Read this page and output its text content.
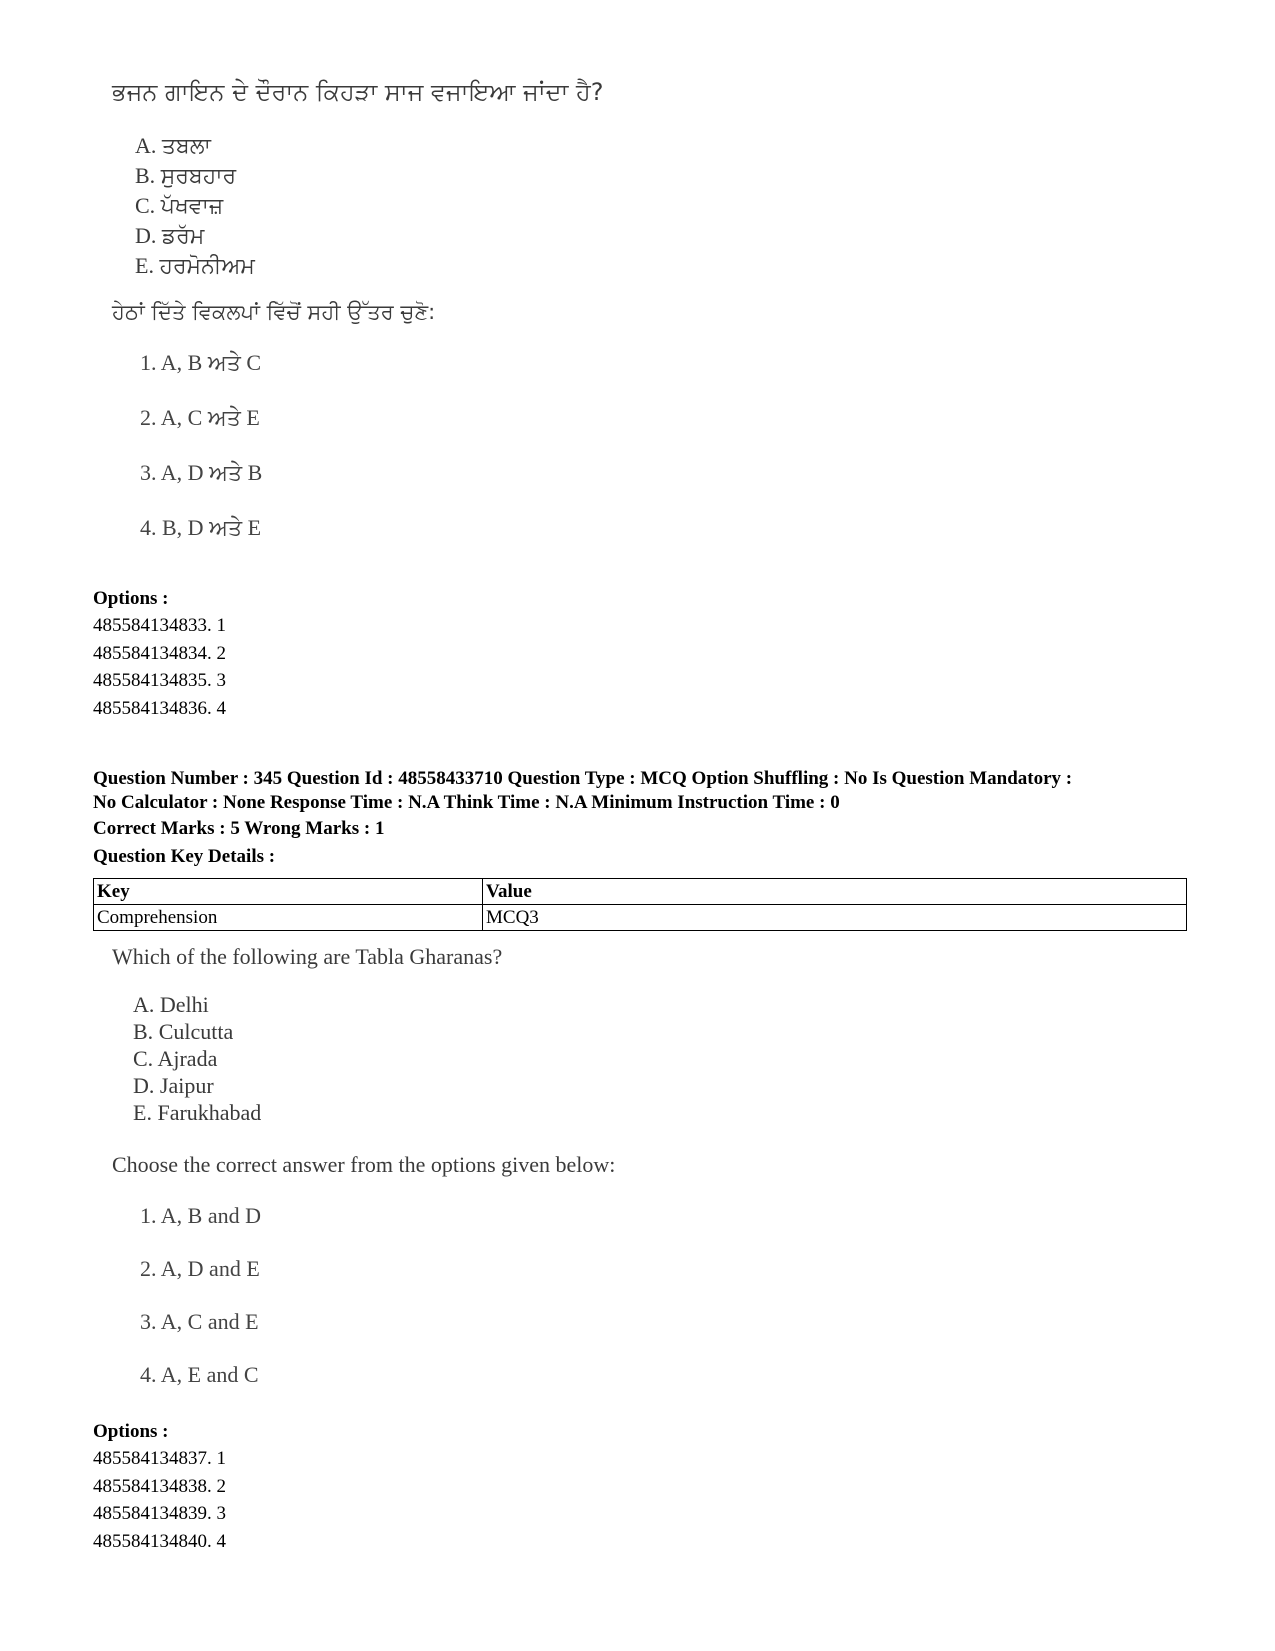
ਭਜਨ ਗਾਇਨ ਦੇ ਦੌਰਾਨ ਕਿਹੜਾ ਸਾਜ ਵਜਾਇਆ ਜਾਂਦਾ ਹੈ?
A. ਤਬਲਾ
B. ਸੁਰਬਹਾਰ
C. ਪੱਖਵਾਜ਼
D. ਡਰੱਮ
E. ਹਰਮੋਨੀਅਮ
ਹੇਠਾਂ ਦਿੱਤੇ ਵਿਕਲਪਾਂ ਵਿੱਚੋਂ ਸਹੀ ਉੱਤਰ ਚੁਣੋ:
1. A, B ਅਤੇ C
2. A, C ਅਤੇ E
3. A, D ਅਤੇ B
4. B, D ਅਤੇ E
Options :
485584134833. 1
485584134834. 2
485584134835. 3
485584134836. 4
Question Number : 345 Question Id : 48558433710 Question Type : MCQ Option Shuffling : No Is Question Mandatory :
No Calculator : None Response Time : N.A Think Time : N.A Minimum Instruction Time : 0
Correct Marks : 5 Wrong Marks : 1
Question Key Details :
Key	Value
Comprehension	MCQ3
Which of the following are Tabla Gharanas?
A. Delhi
B. Culcutta
C. Ajrada
D. Jaipur
E. Farukhabad
Choose the correct answer from the options given below:
1. A, B and D
2. A, D and E
3. A, C and E
4. A, E and C
Options :
485584134837. 1
485584134838. 2
485584134839. 3
485584134840. 4
